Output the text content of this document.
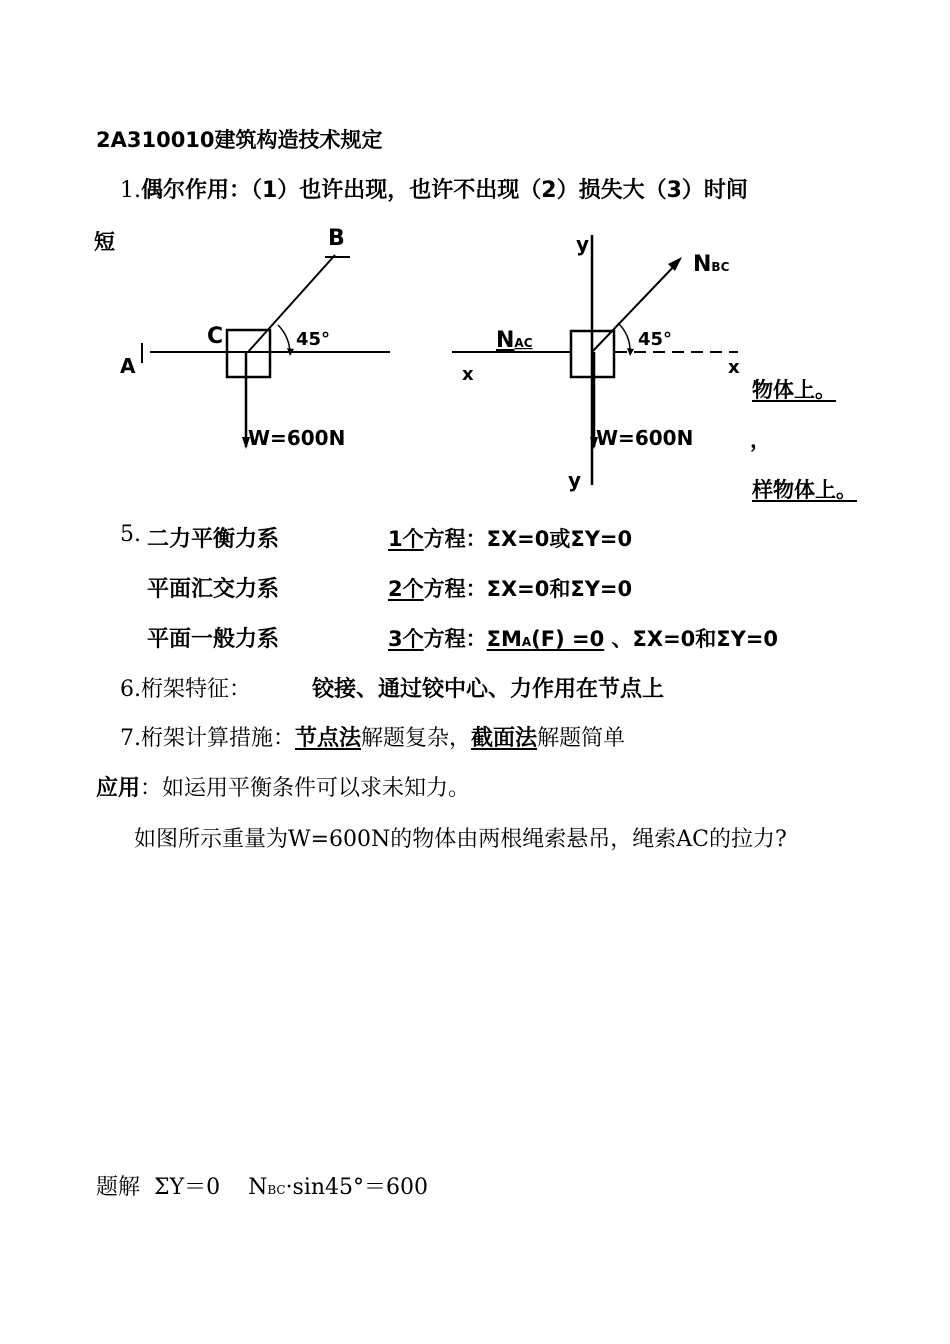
2A310010建筑构造技术规定
1.偶尔作用：（1）也许出现，也许不出现（2）损失大（3）时间
短
物体上。
，
样物体上。
A
B
C	45°
W=600N
y
y
x	x
NBC
NAC	45°
W=600N
5. 二力平衡力系	1个方程：ΣX=0或ΣY=0
平面汇交力系	2个方程：ΣX=0和ΣY=0
平面一般力系	3个方程：ΣMA(F) =0 、ΣX=0和ΣY=0
6.桁架特征：	铰接、通过铰中心、力作用在节点上
7.桁架计算措施：节点法解题复杂，截面法解题简单
应用：如运用平衡条件可以求未知力。
如图所示重量为W=600N的物体由两根绳索悬吊，绳索AC的拉力?
题解 ΣY＝0 NBC·sin45°＝600
